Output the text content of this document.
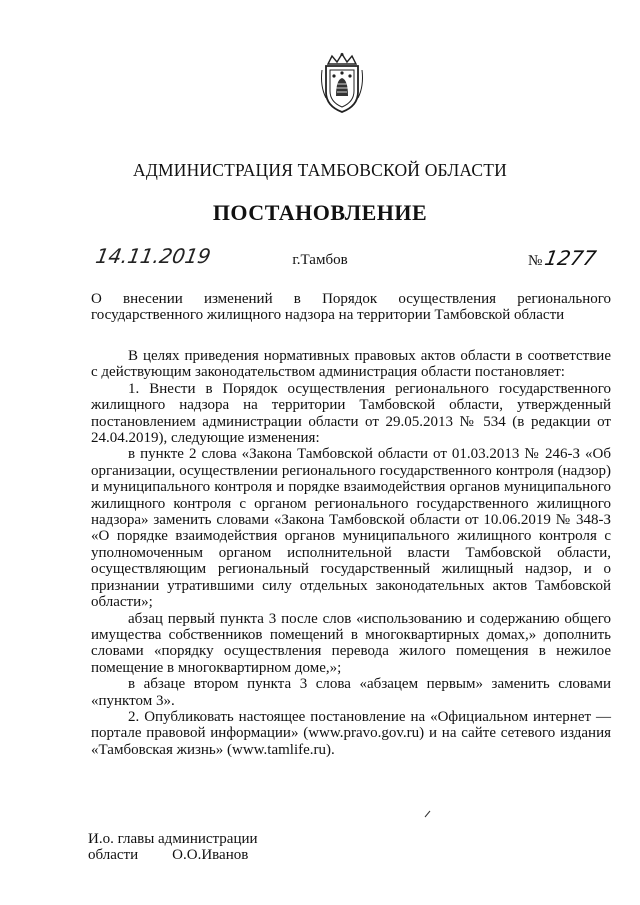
АДМИНИСТРАЦИЯ ТАМБОВСКОЙ ОБЛАСТИ
ПОСТАНОВЛЕНИЕ
14.11.2019	г.Тамбов	№1277
О внесении изменений в Порядок осуществления регионального государственного жилищного надзора на территории Тамбовской области

В целях приведения нормативных правовых актов области в соответствие с действующим законодательством администрация области постановляет:

1. Внести в Порядок осуществления регионального государственного жилищного надзора на территории Тамбовской области, утвержденный постановлением администрации области от 29.05.2013 № 534 (в редакции от 24.04.2019), следующие изменения:

в пункте 2 слова «Закона Тамбовской области от 01.03.2013 № 246-З «Об организации, осуществлении регионального государственного контроля (надзор) и муниципального контроля и порядке взаимодействия органов муниципального жилищного контроля с органом регионального государственного жилищного надзора» заменить словами «Закона Тамбовской области от 10.06.2019 № 348-З «О порядке взаимодействия органов муниципального жилищного контроля с уполномоченным органом исполнительной власти Тамбовской области, осуществляющим региональный государственный жилищный надзор, и о признании утратившими силу отдельных законодательных актов Тамбовской области»;

абзац первый пункта 3 после слов «использованию и содержанию общего имущества собственников помещений в многоквартирных домах,» дополнить словами «порядку осуществления перевода жилого помещения в нежилое помещение в многоквартирном доме,»;

в абзаце втором пункта 3 слова «абзацем первым» заменить словами «пунктом 3».

2. Опубликовать настоящее постановление на «Официальном интернет — портале правовой информации» (www.pravo.gov.ru) и на сайте сетевого издания «Тамбовская жизнь» (www.tamlife.ru).

И.о. главы администрации
области О.О.Иванов
